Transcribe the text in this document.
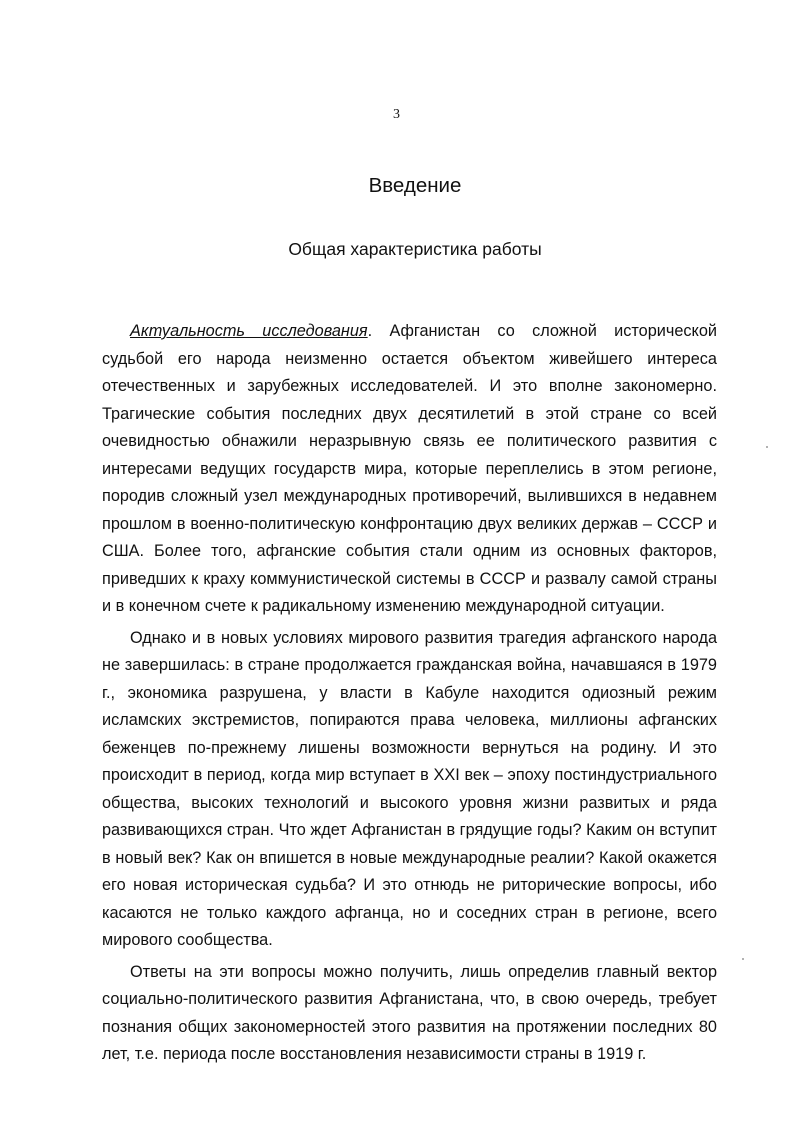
3
Введение
Общая характеристика работы

Актуальность исследования. Афганистан со сложной исторической судьбой его народа неизменно остается объектом живейшего интереса отечественных и зарубежных исследователей. И это вполне закономерно. Трагические события последних двух десятилетий в этой стране со всей очевидностью обнажили неразрывную связь ее политического развития с интересами ведущих государств мира, которые переплелись в этом регионе, породив сложный узел международных противоречий, вылившихся в недавнем прошлом в военно-политическую конфронтацию двух великих держав – СССР и США. Более того, афганские события стали одним из основных факторов, приведших к краху коммунистической системы в СССР и развалу самой страны и в конечном счете к радикальному изменению международной ситуации.

Однако и в новых условиях мирового развития трагедия афганского народа не завершилась: в стране продолжается гражданская война, начавшаяся в 1979 г., экономика разрушена, у власти в Кабуле находится одиозный режим исламских экстремистов, попираются права человека, миллионы афганских беженцев по-прежнему лишены возможности вернуться на родину. И это происходит в период, когда мир вступает в XXI век – эпоху постиндустриального общества, высоких технологий и высокого уровня жизни развитых и ряда развивающихся стран. Что ждет Афганистан в грядущие годы? Каким он вступит в новый век? Как он впишется в новые международные реалии? Какой окажется его новая историческая судьба? И это отнюдь не риторические вопросы, ибо касаются не только каждого афганца, но и соседних стран в регионе, всего мирового сообщества.

Ответы на эти вопросы можно получить, лишь определив главный вектор социально-политического развития Афганистана, что, в свою очередь, требует познания общих закономерностей этого развития на протяжении последних 80 лет, т.е. периода после восстановления независимости страны в 1919 г.
